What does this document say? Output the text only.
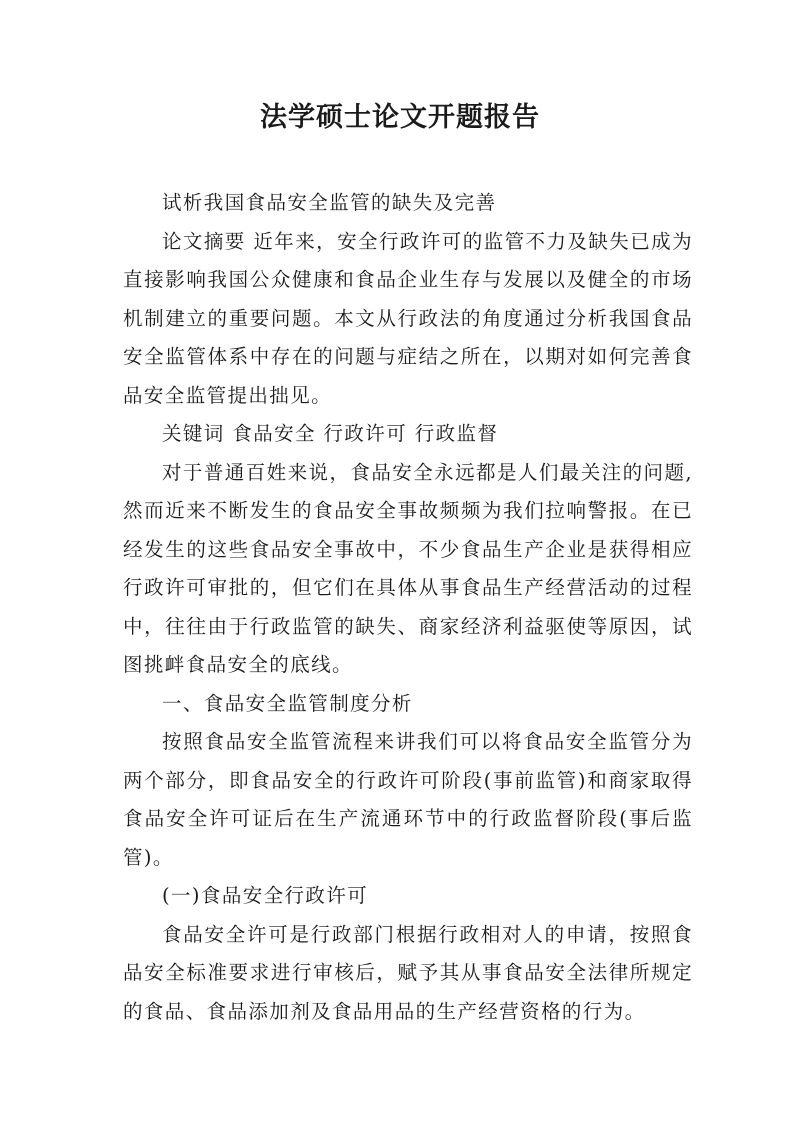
法学硕士论文开题报告

试析我国食品安全监管的缺失及完善

论文摘要 近年来，安全行政许可的监管不力及缺失已成为直接影响我国公众健康和食品企业生存与发展以及健全的市场机制建立的重要问题。本文从行政法的角度通过分析我国食品安全监管体系中存在的问题与症结之所在，以期对如何完善食品安全监管提出拙见。

关键词 食品安全 行政许可 行政监督

对于普通百姓来说，食品安全永远都是人们最关注的问题,然而近来不断发生的食品安全事故频频为我们拉响警报。在已经发生的这些食品安全事故中，不少食品生产企业是获得相应行政许可审批的，但它们在具体从事食品生产经营活动的过程中，往往由于行政监管的缺失、商家经济利益驱使等原因，试图挑衅食品安全的底线。

一、食品安全监管制度分析

按照食品安全监管流程来讲我们可以将食品安全监管分为两个部分，即食品安全的行政许可阶段(事前监管)和商家取得食品安全许可证后在生产流通环节中的行政监督阶段(事后监管)。

(一)食品安全行政许可

食品安全许可是行政部门根据行政相对人的申请，按照食品安全标准要求进行审核后，赋予其从事食品安全法律所规定的食品、食品添加剂及食品用品的生产经营资格的行为。
